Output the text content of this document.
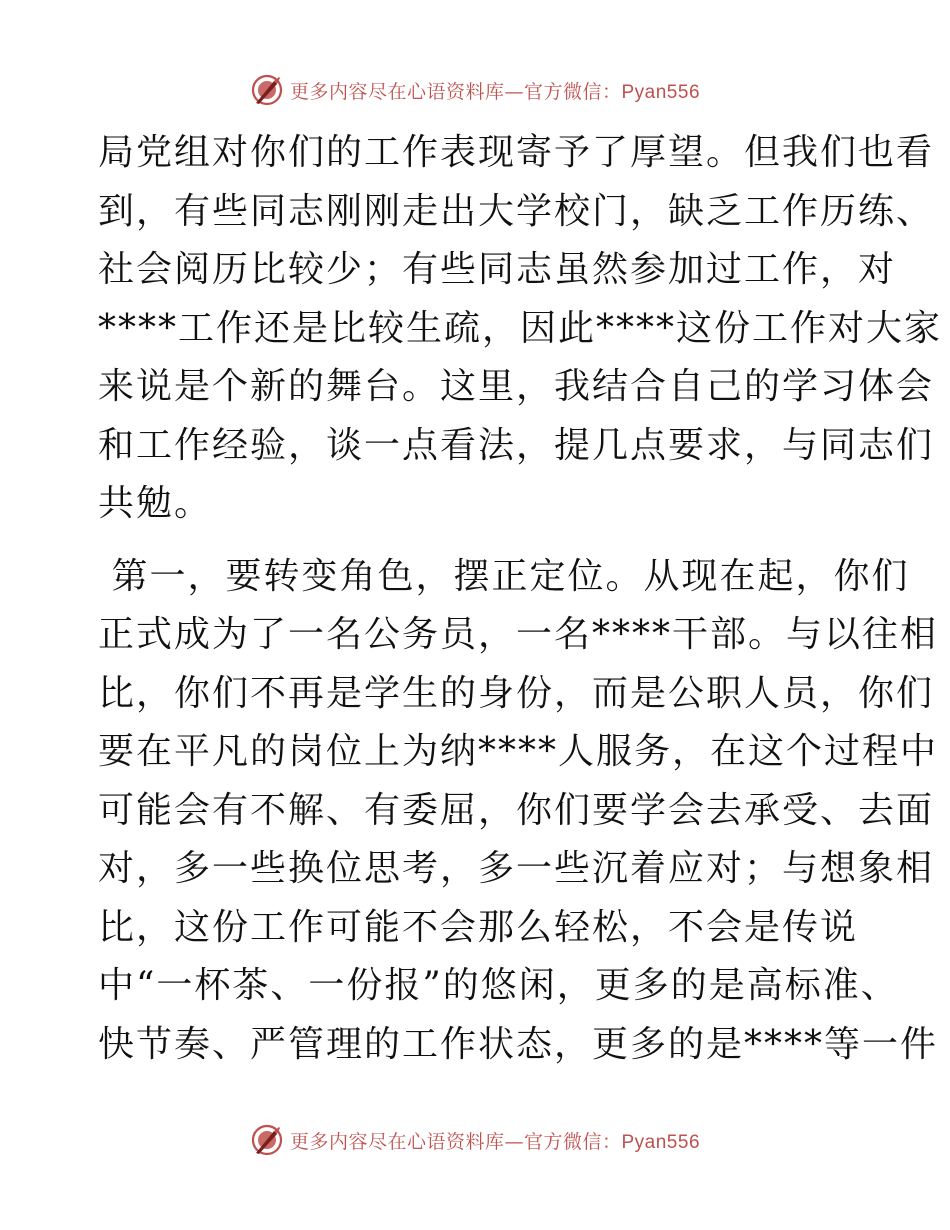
更多内容尽在心语资料库—官方微信：Pyan556
局党组对你们的工作表现寄予了厚望。但我们也看
到，有些同志刚刚走出大学校门，缺乏工作历练、
社会阅历比较少；有些同志虽然参加过工作，对
****工作还是比较生疏，因此****这份工作对大家
来说是个新的舞台。这里，我结合自己的学习体会
和工作经验，谈一点看法，提几点要求，与同志们
共勉。
第一，要转变角色，摆正定位。从现在起，你们
正式成为了一名公务员，一名****干部。与以往相
比，你们不再是学生的身份，而是公职人员，你们
要在平凡的岗位上为纳****人服务，在这个过程中
可能会有不解、有委屈，你们要学会去承受、去面
对，多一些换位思考，多一些沉着应对；与想象相
比，这份工作可能不会那么轻松，不会是传说
中“一杯茶、一份报”的悠闲，更多的是高标准、
快节奏、严管理的工作状态，更多的是****等一件
更多内容尽在心语资料库—官方微信：Pyan556
